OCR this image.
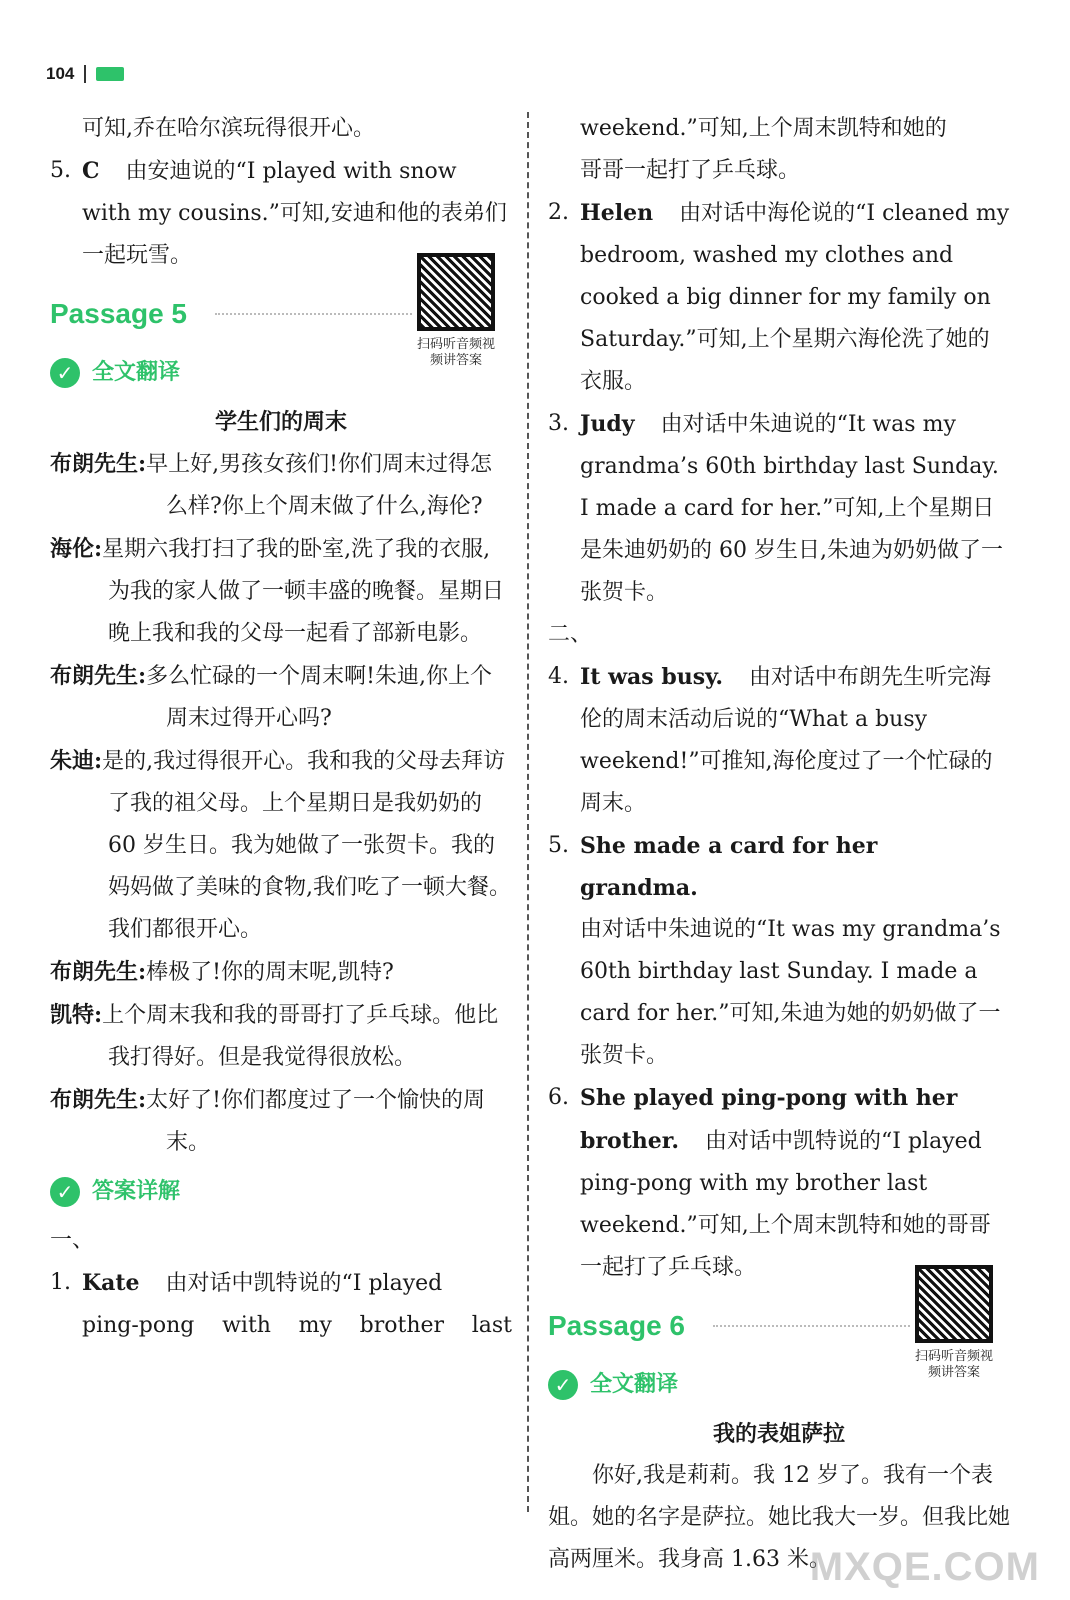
104

可知,乔在哈尔滨玩得很开心。

5. C 由安迪说的“I played with snow with my cousins.”可知,安迪和他的表弟们一起玩雪。

Passage 5
扫码听音频视频讲答案
✓ 全文翻译

学生们的周末

布朗先生:早上好,男孩女孩们!你们周末过得怎么样?你上个周末做了什么,海伦?

海伦:星期六我打扫了我的卧室,洗了我的衣服,为我的家人做了一顿丰盛的晚餐。星期日晚上我和我的父母一起看了部新电影。

布朗先生:多么忙碌的一个周末啊!朱迪,你上个周末过得开心吗?

朱迪:是的,我过得很开心。我和我的父母去拜访了我的祖父母。上个星期日是我奶奶的 60 岁生日。我为她做了一张贺卡。我的妈妈做了美味的食物,我们吃了一顿大餐。我们都很开心。

布朗先生:棒极了!你的周末呢,凯特?

凯特:上个周末我和我的哥哥打了乒乓球。他比我打得好。但是我觉得很放松。

布朗先生:太好了!你们都度过了一个愉快的周末。

✓ 答案详解

一、

1. Kate 由对话中凯特说的“I played

ping-pong with my brother last

weekend.”可知,上个周末凯特和她的

哥哥一起打了乒乓球。

2. Helen 由对话中海伦说的“I cleaned my bedroom, washed my clothes and cooked a big dinner for my family on Saturday.”可知,上个星期六海伦洗了她的衣服。

3. Judy 由对话中朱迪说的“It was my grandma’s 60th birthday last Sunday. I made a card for her.”可知,上个星期日是朱迪奶奶的 60 岁生日,朱迪为奶奶做了一张贺卡。

二、

4. It was busy. 由对话中布朗先生听完海伦的周末活动后说的“What a busy weekend!”可推知,海伦度过了一个忙碌的周末。

5. She made a card for her grandma.

由对话中朱迪说的“It was my grandma’s 60th birthday last Sunday. I made a card for her.”可知,朱迪为她的奶奶做了一张贺卡。

6. She played ping-pong with her brother. 由对话中凯特说的“I played ping-pong with my brother last weekend.”可知,上个周末凯特和她的哥哥一起打了乒乓球。

Passage 6
扫码听音频视频讲答案
✓ 全文翻译

我的表姐萨拉

你好,我是莉莉。我 12 岁了。我有一个表姐。她的名字是萨拉。她比我大一岁。但我比她高两厘米。我身高 1.63 米。

MXQE.COM
